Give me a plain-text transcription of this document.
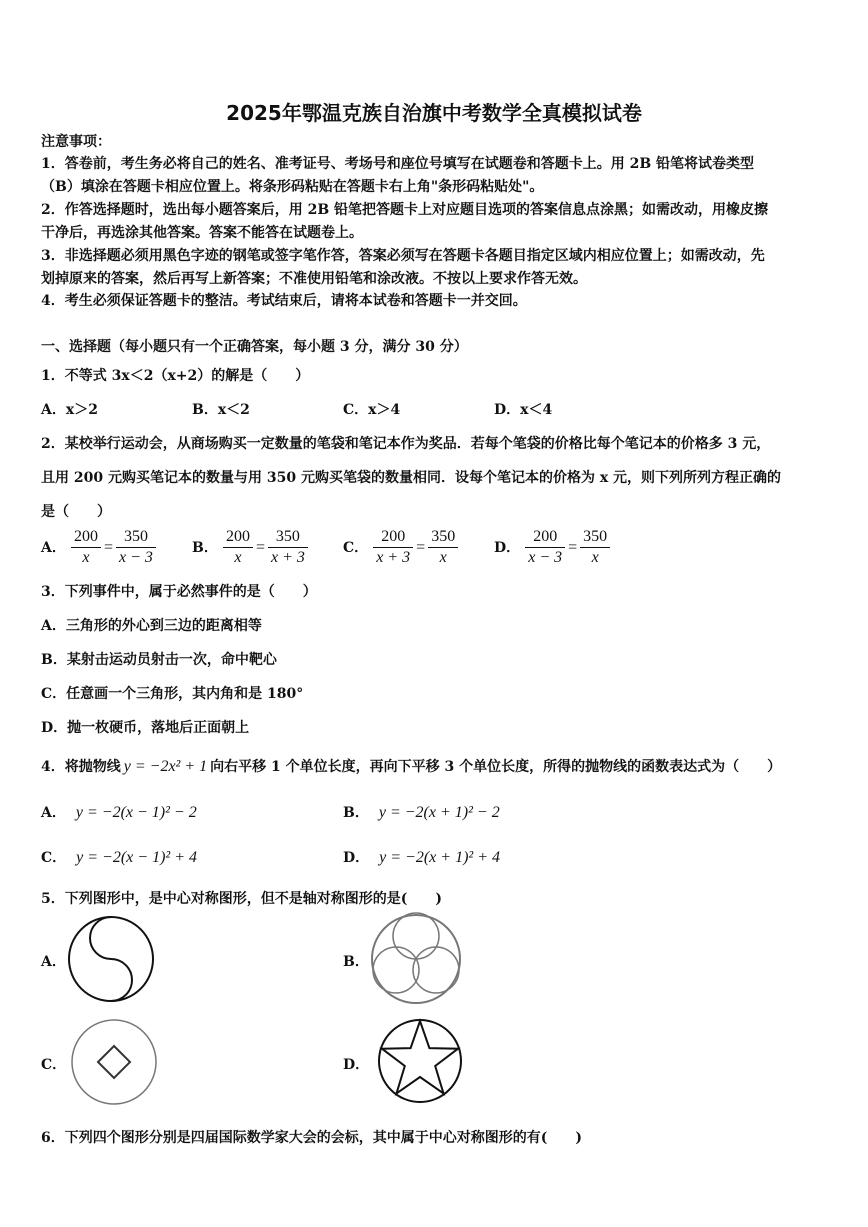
2025年鄂温克族自治旗中考数学全真模拟试卷
注意事项：
1．答卷前，考生务必将自己的姓名、准考证号、考场号和座位号填写在试题卷和答题卡上。用 2B 铅笔将试卷类型
（B）填涂在答题卡相应位置上。将条形码粘贴在答题卡右上角"条形码粘贴处"。
2．作答选择题时，选出每小题答案后，用 2B 铅笔把答题卡上对应题目选项的答案信息点涂黑；如需改动，用橡皮擦
干净后，再选涂其他答案。答案不能答在试题卷上。
3．非选择题必须用黑色字迹的钢笔或签字笔作答，答案必须写在答题卡各题目指定区域内相应位置上；如需改动，先
划掉原来的答案，然后再写上新答案；不准使用铅笔和涂改液。不按以上要求作答无效。
4．考生必须保证答题卡的整洁。考试结束后，请将本试卷和答题卡一并交回。
一、选择题（每小题只有一个正确答案，每小题 3 分，满分 30 分）
1．不等式 3x＜2（x+2）的解是（　　）
A．x＞2	B．x＜2	C．x＞4	D．x＜4
2．某校举行运动会，从商场购买一定数量的笔袋和笔记本作为奖品．若每个笔袋的价格比每个笔记本的价格多 3 元，
且用 200 元购买笔记本的数量与用 350 元购买笔袋的数量相同．设每个笔记本的价格为 x 元，则下列所列方程正确的
是（　　）
A． $\frac{200}{x} = \frac{350}{x - 3}$	B． $\frac{200}{x} = \frac{350}{x + 3}$	C． $\frac{200}{x + 3} = \frac{350}{x}$	D． $\frac{200}{x - 3} = \frac{350}{x}$
3．下列事件中，属于必然事件的是（　　）
A．三角形的外心到三边的距离相等
B．某射击运动员射击一次，命中靶心
C．任意画一个三角形，其内角和是 180°
D．抛一枚硬币，落地后正面朝上
4．将抛物线 y = −2x² + 1 向右平移 1 个单位长度，再向下平移 3 个单位长度，所得的抛物线的函数表达式为（　　）
A． y = −2(x − 1)² − 2	B． y = −2(x + 1)² − 2
C． y = −2(x − 1)² + 4	D． y = −2(x + 1)² + 4
5．下列图形中，是中心对称图形，但不是轴对称图形的是(　　)
A．	B．
C．	D．
6．下列四个图形分别是四届国际数学家大会的会标，其中属于中心对称图形的有(　　)
